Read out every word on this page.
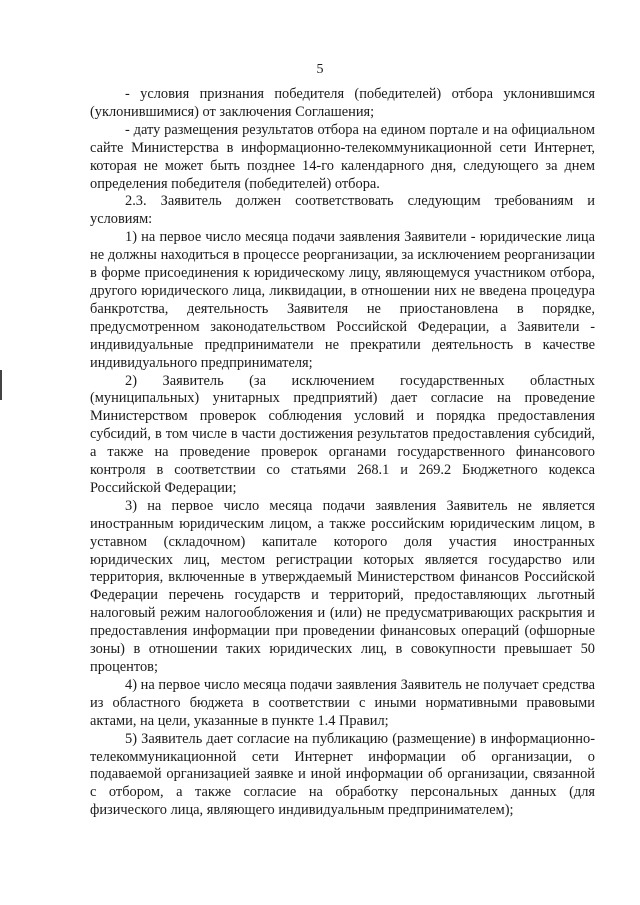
5

- условия признания победителя (победителей) отбора уклонившимся (уклонившимися) от заключения Соглашения;

- дату размещения результатов отбора на едином портале и на официальном сайте Министерства в информационно-телекоммуникационной сети Интернет, которая не может быть позднее 14-го календарного дня, следующего за днем определения победителя (победителей) отбора.

2.3. Заявитель должен соответствовать следующим требованиям и условиям:

1) на первое число месяца подачи заявления Заявители - юридические лица не должны находиться в процессе реорганизации, за исключением реорганизации в форме присоединения к юридическому лицу, являющемуся участником отбора, другого юридического лица, ликвидации, в отношении них не введена процедура банкротства, деятельность Заявителя не приостановлена в порядке, предусмотренном законодательством Российской Федерации, а Заявители - индивидуальные предприниматели не прекратили деятельность в качестве индивидуального предпринимателя;

2) Заявитель (за исключением государственных областных (муниципальных) унитарных предприятий) дает согласие на проведение Министерством проверок соблюдения условий и порядка предоставления субсидий, в том числе в части достижения результатов предоставления субсидий, а также на проведение проверок органами государственного финансового контроля в соответствии со статьями 268.1 и 269.2 Бюджетного кодекса Российской Федерации;

3) на первое число месяца подачи заявления Заявитель не является иностранным юридическим лицом, а также российским юридическим лицом, в уставном (складочном) капитале которого доля участия иностранных юридических лиц, местом регистрации которых является государство или территория, включенные в утверждаемый Министерством финансов Российской Федерации перечень государств и территорий, предоставляющих льготный налоговый режим налогообложения и (или) не предусматривающих раскрытия и предоставления информации при проведении финансовых операций (офшорные зоны) в отношении таких юридических лиц, в совокупности превышает 50 процентов;

4) на первое число месяца подачи заявления Заявитель не получает средства из областного бюджета в соответствии с иными нормативными правовыми актами, на цели, указанные в пункте 1.4 Правил;

5) Заявитель дает согласие на публикацию (размещение) в информационно-телекоммуникационной сети Интернет информации об организации, о подаваемой организацией заявке и иной информации об организации, связанной с отбором, а также согласие на обработку персональных данных (для физического лица, являющего индивидуальным предпринимателем);
